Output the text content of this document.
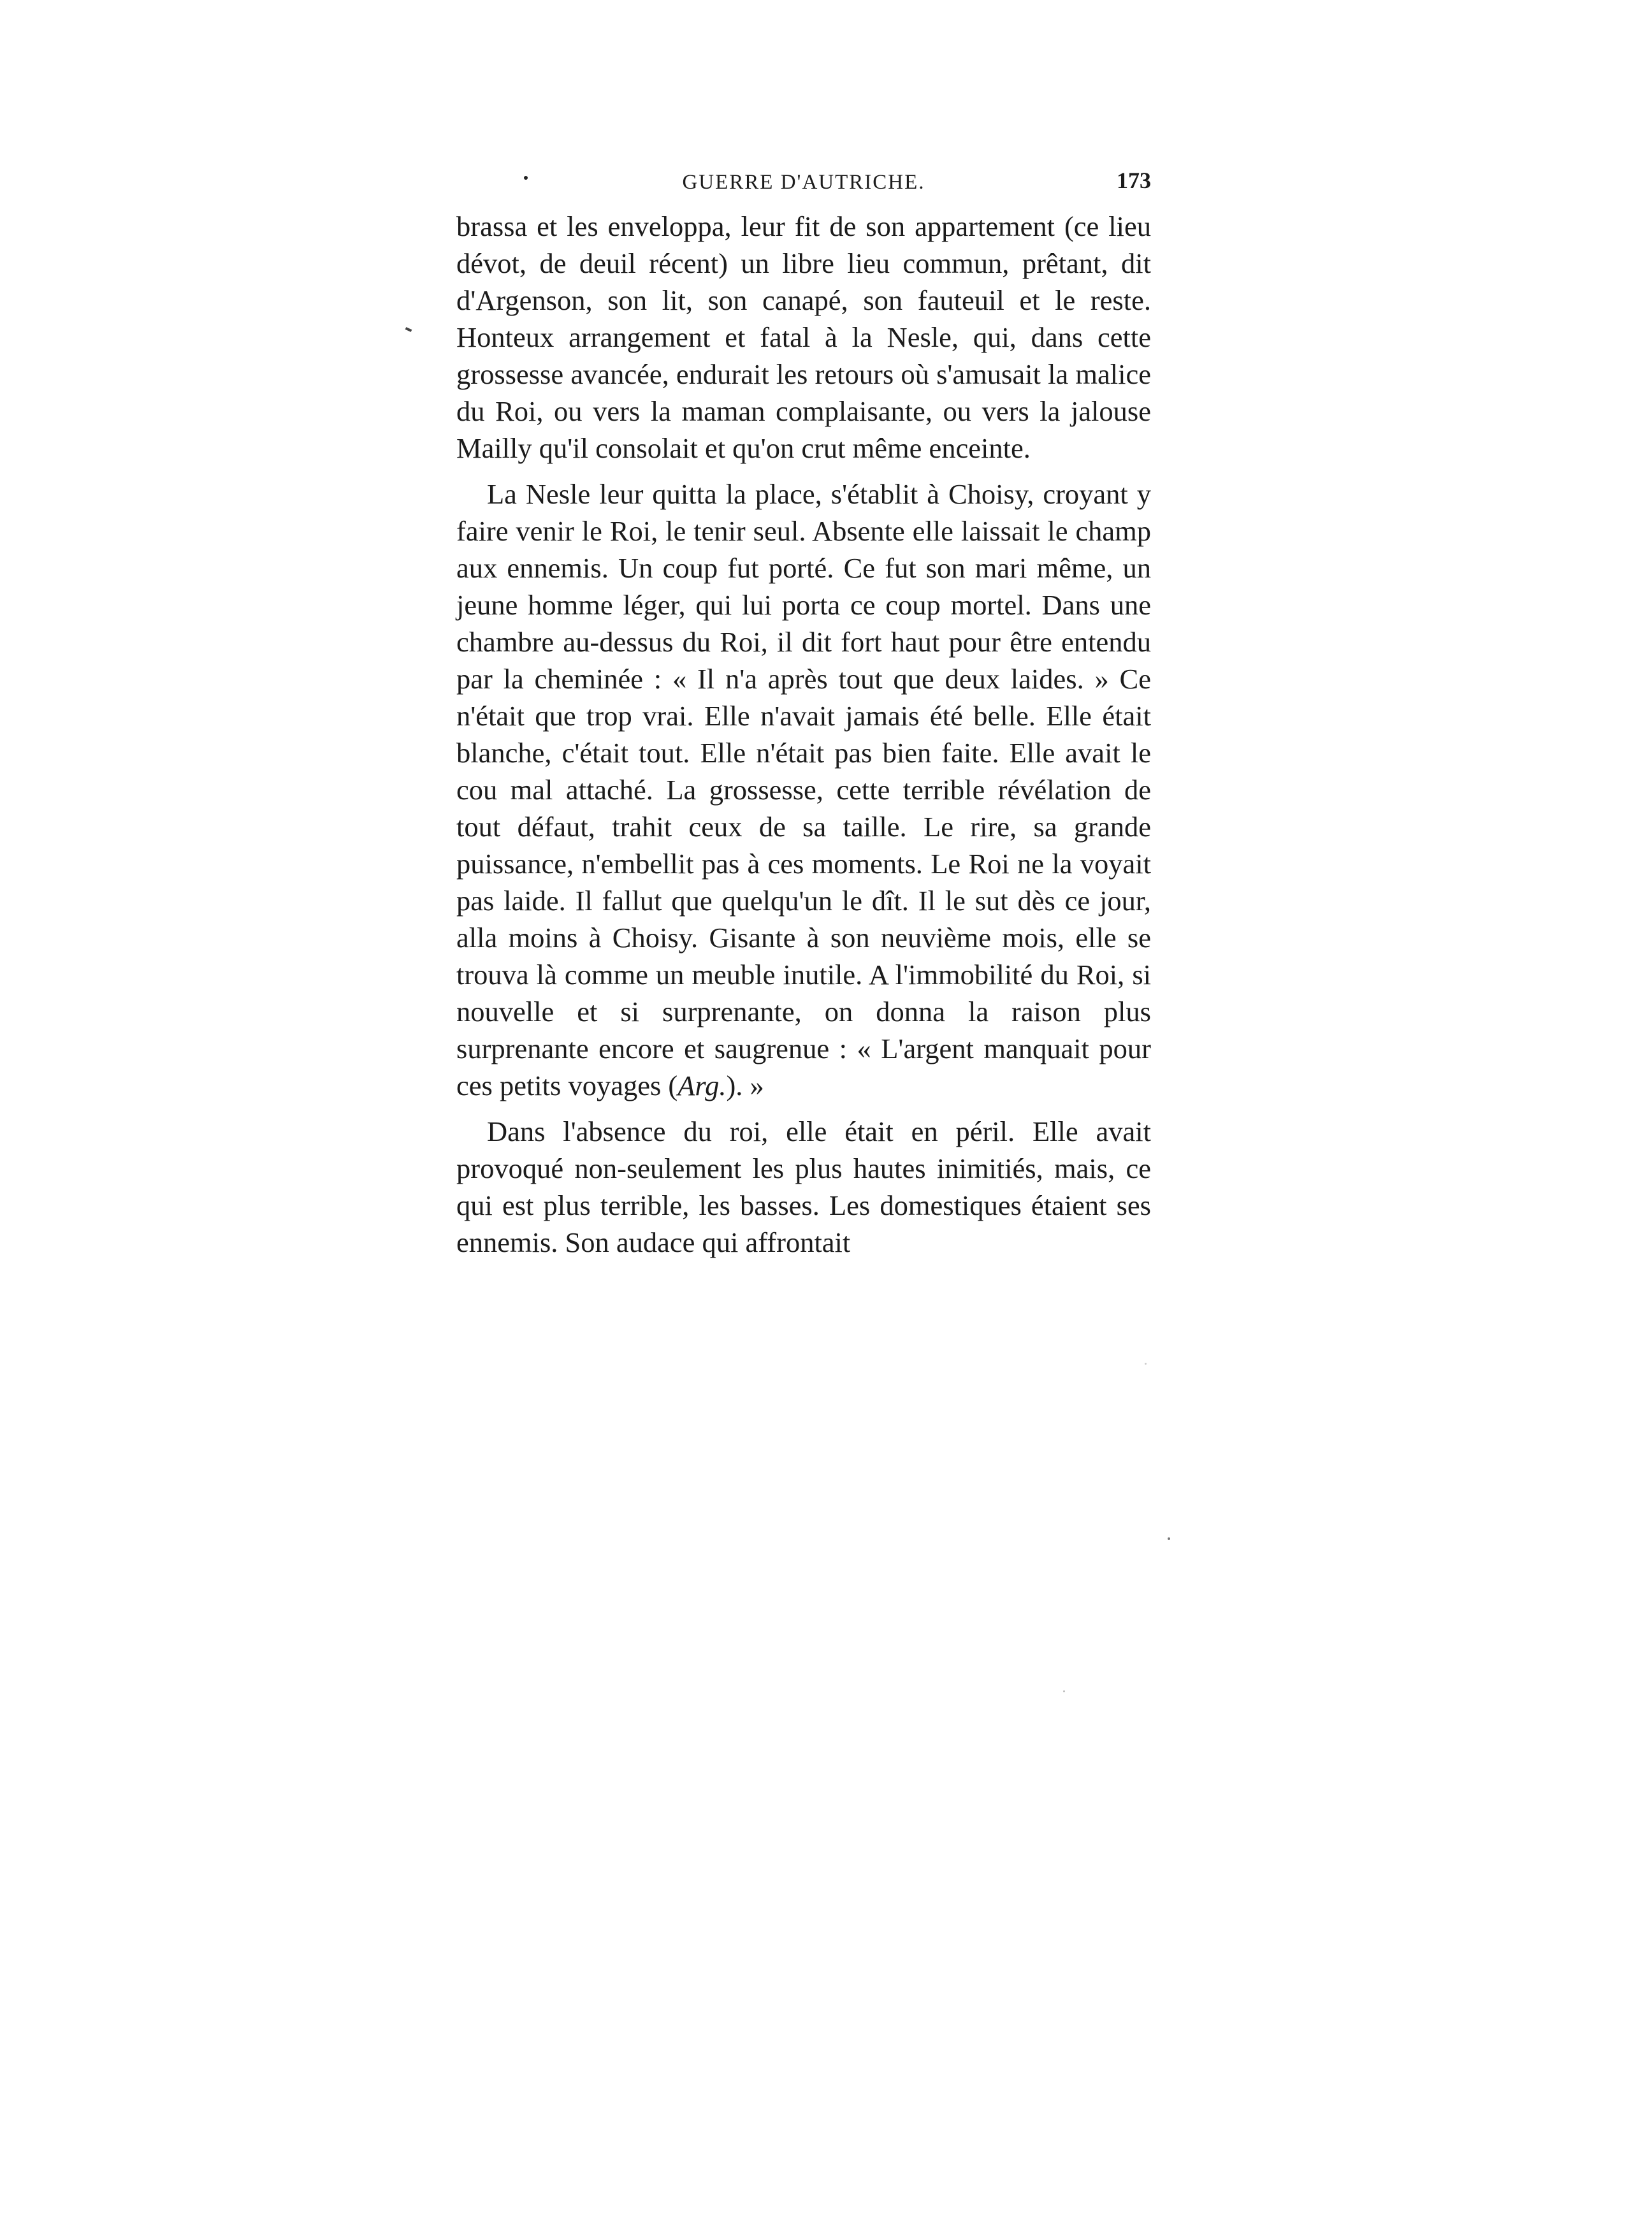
GUERRE D'AUTRICHE.	173

brassa et les enveloppa, leur fit de son appartement (ce lieu dévot, de deuil récent) un libre lieu commun, prêtant, dit d'Argenson, son lit, son canapé, son fauteuil et le reste. Honteux arrangement et fatal à la Nesle, qui, dans cette grossesse avancée, endurait les retours où s'amusait la malice du Roi, ou vers la maman complaisante, ou vers la jalouse Mailly qu'il consolait et qu'on crut même enceinte.

La Nesle leur quitta la place, s'établit à Choisy, croyant y faire venir le Roi, le tenir seul. Absente elle laissait le champ aux ennemis. Un coup fut porté. Ce fut son mari même, un jeune homme léger, qui lui porta ce coup mortel. Dans une chambre au-dessus du Roi, il dit fort haut pour être entendu par la cheminée : « Il n'a après tout que deux laides. » Ce n'était que trop vrai. Elle n'avait jamais été belle. Elle était blanche, c'était tout. Elle n'était pas bien faite. Elle avait le cou mal attaché. La grossesse, cette terrible révélation de tout défaut, trahit ceux de sa taille. Le rire, sa grande puissance, n'embellit pas à ces moments. Le Roi ne la voyait pas laide. Il fallut que quelqu'un le dît. Il le sut dès ce jour, alla moins à Choisy. Gisante à son neuvième mois, elle se trouva là comme un meuble inutile. A l'immobilité du Roi, si nouvelle et si surprenante, on donna la raison plus surprenante encore et saugrenue : « L'argent manquait pour ces petits voyages (Arg.). »

Dans l'absence du roi, elle était en péril. Elle avait provoqué non-seulement les plus hautes inimitiés, mais, ce qui est plus terrible, les basses. Les domestiques étaient ses ennemis. Son audace qui affrontait
